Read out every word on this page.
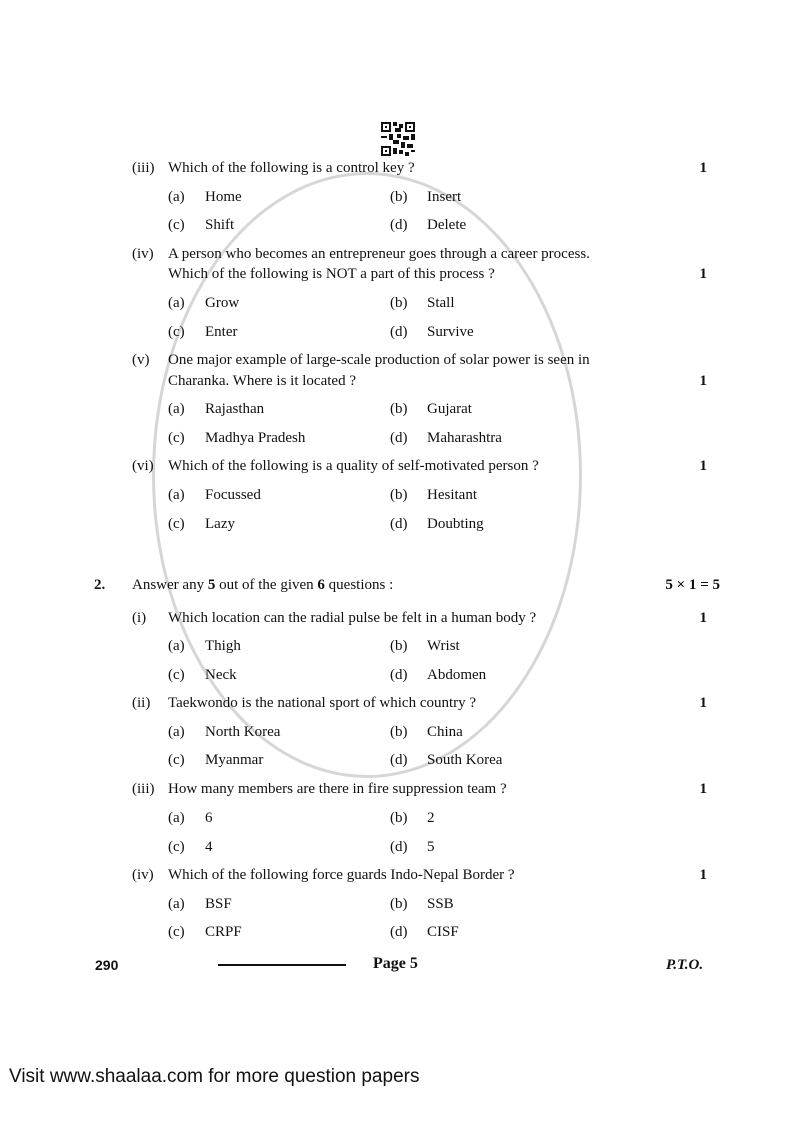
(iii) Which of the following is a control key ?	1
(a) Home	(b) Insert
(c) Shift	(d) Delete
(iv) A person who becomes an entrepreneur goes through a career process.
Which of the following is NOT a part of this process ?	1
(a) Grow	(b) Stall
(c) Enter	(d) Survive
(v) One major example of large-scale production of solar power is seen in
Charanka. Where is it located ?	1
(a) Rajasthan	(b) Gujarat
(c) Madhya Pradesh	(d) Maharashtra
(vi) Which of the following is a quality of self-motivated person ?	1
(a) Focussed	(b) Hesitant
(c) Lazy	(d) Doubting
(i) Which location can the radial pulse be felt in a human body ?	1
(a) Thigh	(b) Wrist
(c) Neck	(d) Abdomen
(ii) Taekwondo is the national sport of which country ?	1
(a) North Korea	(b) China
(c) Myanmar	(d) South Korea
(iii) How many members are there in fire suppression team ?	1
(a) 6	(b) 2
(c) 4	(d) 5
(iv) Which of the following force guards Indo-Nepal Border ?	1
(a) BSF	(b) SSB
(c) CRPF	(d) CISF
2. Answer any 5 out of the given 6 questions :	5 × 1 = 5
290	Page 5	P.T.O.
Visit www.shaalaa.com for more question papers
